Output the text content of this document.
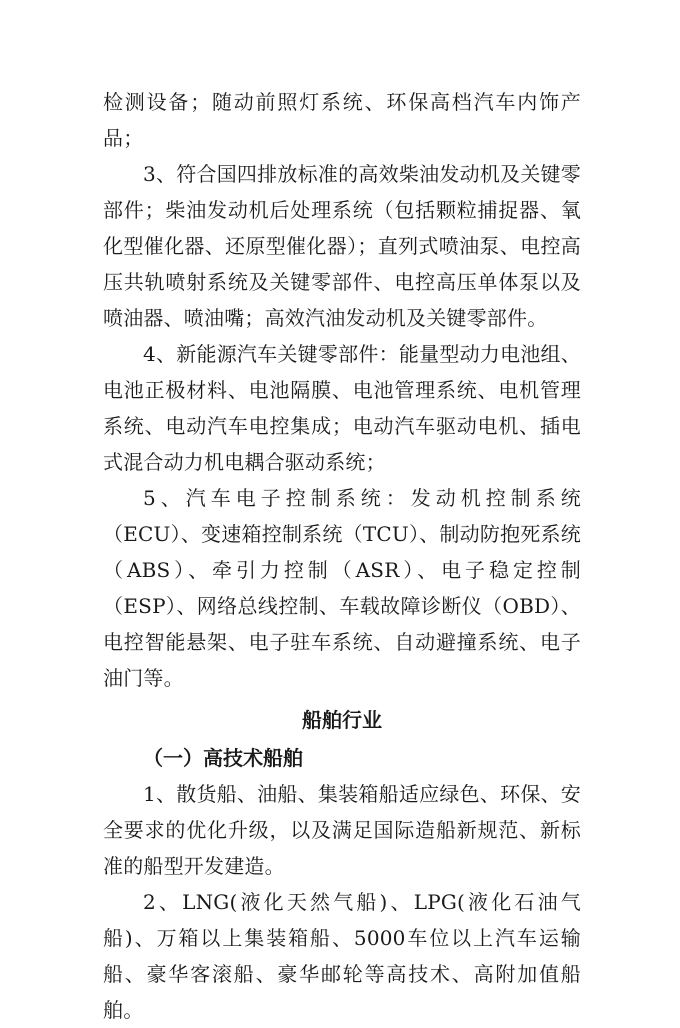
检测设备；随动前照灯系统、环保高档汽车内饰产品；

3、符合国四排放标准的高效柴油发动机及关键零部件；柴油发动机后处理系统（包括颗粒捕捉器、氧化型催化器、还原型催化器）；直列式喷油泵、电控高压共轨喷射系统及关键零部件、电控高压单体泵以及喷油器、喷油嘴；高效汽油发动机及关键零部件。

4、新能源汽车关键零部件：能量型动力电池组、电池正极材料、电池隔膜、电池管理系统、电机管理系统、电动汽车电控集成；电动汽车驱动电机、插电式混合动力机电耦合驱动系统；

5、汽车电子控制系统：发动机控制系统（ECU）、变速箱控制系统（TCU）、制动防抱死系统（ABS）、牵引力控制（ASR）、电子稳定控制（ESP）、网络总线控制、车载故障诊断仪（OBD）、电控智能悬架、电子驻车系统、自动避撞系统、电子油门等。

船舶行业
（一）高技术船舶

1、散货船、油船、集装箱船适应绿色、环保、安全要求的优化升级，以及满足国际造船新规范、新标准的船型开发建造。

2、LNG(液化天然气船)、LPG(液化石油气船)、万箱以上集装箱船、5000车位以上汽车运输船、豪华客滚船、豪华邮轮等高技术、高附加值船舶。
